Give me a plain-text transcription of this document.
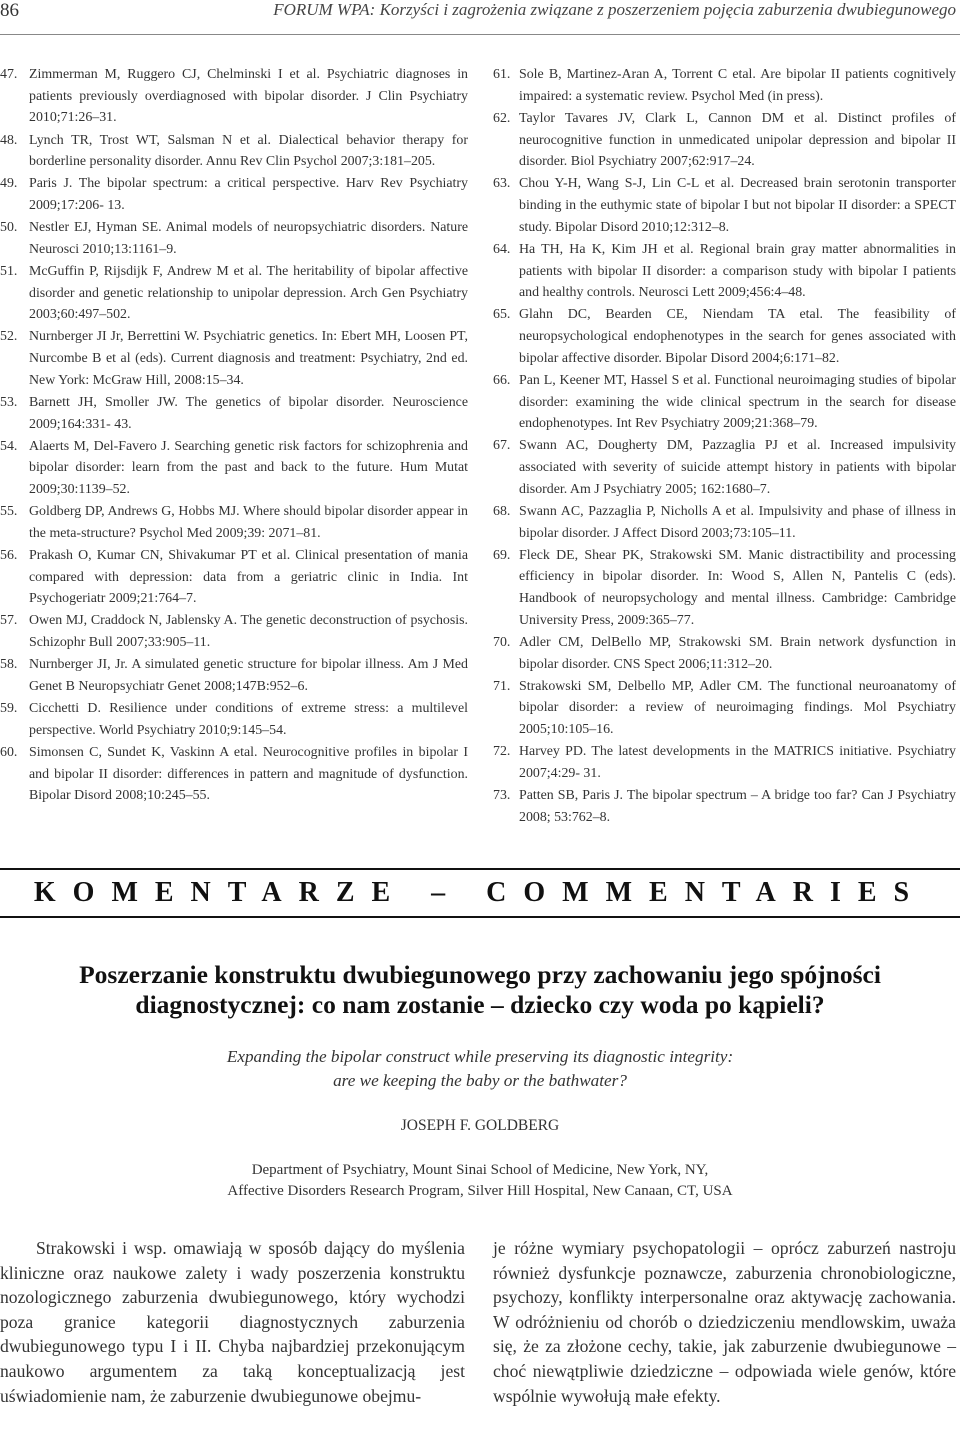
86	FORUM WPA: Korzyści i zagrożenia związane z poszerzeniem pojęcia zaburzenia dwubiegunowego
47. Zimmerman M, Ruggero CJ, Chelminski I et al. Psychiatric diagnoses in patients previously overdiagnosed with bipolar disorder. J Clin Psychiatry 2010;71:26–31.
48. Lynch TR, Trost WT, Salsman N et al. Dialectical behavior therapy for borderline personality disorder. Annu Rev Clin Psychol 2007;3:181–205.
49. Paris J. The bipolar spectrum: a critical perspective. Harv Rev Psychiatry 2009;17:206- 13.
50. Nestler EJ, Hyman SE. Animal models of neuropsychiatric disorders. Nature Neurosci 2010;13:1161–9.
51. McGuffin P, Rijsdijk F, Andrew M et al. The heritability of bipolar affective disorder and genetic relationship to unipolar depression. Arch Gen Psychiatry 2003;60:497–502.
52. Nurnberger JI Jr, Berrettini W. Psychiatric genetics. In: Ebert MH, Loosen PT, Nurcombe B et al (eds). Current diagnosis and treatment: Psychiatry, 2nd ed. New York: McGraw Hill, 2008:15–34.
53. Barnett JH, Smoller JW. The genetics of bipolar disorder. Neuroscience 2009;164:331- 43.
54. Alaerts M, Del-Favero J. Searching genetic risk factors for schizophrenia and bipolar disorder: learn from the past and back to the future. Hum Mutat 2009;30:1139–52.
55. Goldberg DP, Andrews G, Hobbs MJ. Where should bipolar disorder appear in the meta-structure? Psychol Med 2009;39: 2071–81.
56. Prakash O, Kumar CN, Shivakumar PT et al. Clinical presentation of mania compared with depression: data from a geriatric clinic in India. Int Psychogeriatr 2009;21:764–7.
57. Owen MJ, Craddock N, Jablensky A. The genetic deconstruction of psychosis. Schizophr Bull 2007;33:905–11.
58. Nurnberger JI, Jr. A simulated genetic structure for bipolar illness. Am J Med Genet B Neuropsychiatr Genet 2008;147B:952–6.
59. Cicchetti D. Resilience under conditions of extreme stress: a multilevel perspective. World Psychiatry 2010;9:145–54.
60. Simonsen C, Sundet K, Vaskinn A etal. Neurocognitive profiles in bipolar I and bipolar II disorder: differences in pattern and magnitude of dysfunction. Bipolar Disord 2008;10:245–55.
61. Sole B, Martinez-Aran A, Torrent C etal. Are bipolar II patients cognitively impaired: a systematic review. Psychol Med (in press).
62. Taylor Tavares JV, Clark L, Cannon DM et al. Distinct profiles of neurocognitive function in unmedicated unipolar depression and bipolar II disorder. Biol Psychiatry 2007;62:917–24.
63. Chou Y-H, Wang S-J, Lin C-L et al. Decreased brain serotonin transporter binding in the euthymic state of bipolar I but not bipolar II disorder: a SPECT study. Bipolar Disord 2010;12:312–8.
64. Ha TH, Ha K, Kim JH et al. Regional brain gray matter abnormalities in patients with bipolar II disorder: a comparison study with bipolar I patients and healthy controls. Neurosci Lett 2009;456:4–48.
65. Glahn DC, Bearden CE, Niendam TA etal. The feasibility of neuropsychological endophenotypes in the search for genes associated with bipolar affective disorder. Bipolar Disord 2004;6:171–82.
66. Pan L, Keener MT, Hassel S et al. Functional neuroimaging studies of bipolar disorder: examining the wide clinical spectrum in the search for disease endophenotypes. Int Rev Psychiatry 2009;21:368–79.
67. Swann AC, Dougherty DM, Pazzaglia PJ et al. Increased impulsivity associated with severity of suicide attempt history in patients with bipolar disorder. Am J Psychiatry 2005; 162:1680–7.
68. Swann AC, Pazzaglia P, Nicholls A et al. Impulsivity and phase of illness in bipolar disorder. J Affect Disord 2003;73:105–11.
69. Fleck DE, Shear PK, Strakowski SM. Manic distractibility and processing efficiency in bipolar disorder. In: Wood S, Allen N, Pantelis C (eds). Handbook of neuropsychology and mental illness. Cambridge: Cambridge University Press, 2009:365–77.
70. Adler CM, DelBello MP, Strakowski SM. Brain network dysfunction in bipolar disorder. CNS Spect 2006;11:312–20.
71. Strakowski SM, Delbello MP, Adler CM. The functional neuroanatomy of bipolar disorder: a review of neuroimaging findings. Mol Psychiatry 2005;10:105–16.
72. Harvey PD. The latest developments in the MATRICS initiative. Psychiatry 2007;4:29- 31.
73. Patten SB, Paris J. The bipolar spectrum – A bridge too far? Can J Psychiatry 2008; 53:762–8.
KOMENTARZE – COMMENTARIES
Poszerzanie konstruktu dwubiegunowego przy zachowaniu jego spójności
diagnostycznej: co nam zostanie – dziecko czy woda po kąpieli?
Expanding the bipolar construct while preserving its diagnostic integrity:
are we keeping the baby or the bathwater?
JOSEPH F. GOLDBERG
Department of Psychiatry, Mount Sinai School of Medicine, New York, NY,
Affective Disorders Research Program, Silver Hill Hospital, New Canaan, CT, USA
Strakowski i wsp. omawiają w sposób dający do myślenia kliniczne oraz naukowe zalety i wady poszerzenia konstruktu nozologicznego zaburzenia dwubiegunowego, który wychodzi poza granice kategorii diagnostycznych zaburzenia dwubiegunowego typu I i II. Chyba najbardziej przekonującym naukowo argumentem za taką konceptualizacją jest uświadomienie nam, że zaburzenie dwubiegunowe obejmu-
je różne wymiary psychopatologii – oprócz zaburzeń nastroju również dysfunkcje poznawcze, zaburzenia chronobiologiczne, psychozy, konflikty interpersonalne oraz aktywację zachowania. W odróżnieniu od chorób o dziedziczeniu mendlowskim, uważa się, że za złożone cechy, takie, jak zaburzenie dwubiegunowe – choć niewątpliwie dziedziczne – odpowiada wiele genów, które wspólnie wywołują małe efekty.
